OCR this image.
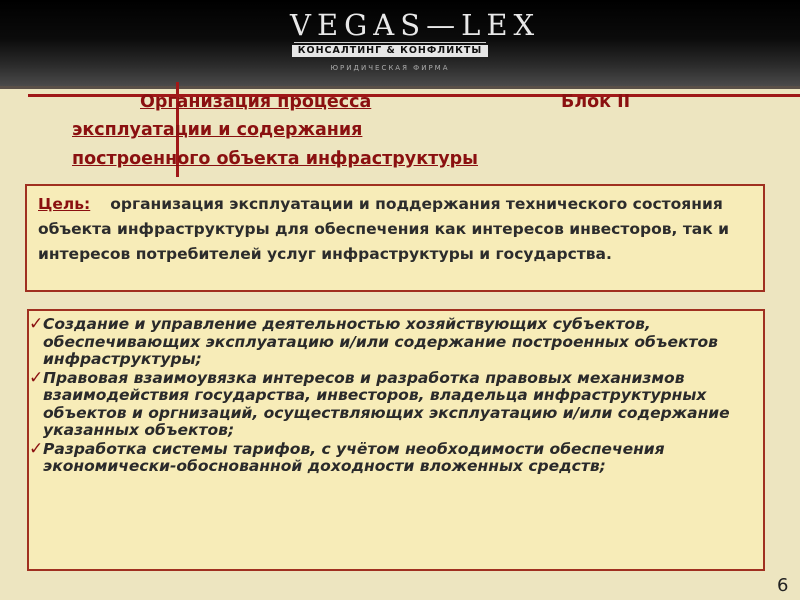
VEGAS—LEX
КОНСАЛТИНГ & КОНФЛИКТЫ
ЮРИДИЧЕСКАЯ ФИРМА
Организация процесса
эксплуатации и содержания
построенного объекта инфраструктуры
Блок II
Цель: организация эксплуатации и поддержания технического состояния объекта инфраструктуры для обеспечения как интересов инвесторов, так и интересов потребителей услуг инфраструктуры и государства.
✓ Создание и управление деятельностью хозяйствующих субъектов, обеспечивающих эксплуатацию и/или содержание построенных объектов инфраструктуры;
✓ Правовая взаимоувязка интересов и разработка правовых механизмов взаимодействия государства, инвесторов, владельца инфраструктурных объектов и оргнизаций, осуществляющих эксплуатацию и/или содержание указанных объектов;
✓ Разработка системы тарифов, с учётом необходимости обеспечения экономически-обоснованной доходности вложенных средств;
6
